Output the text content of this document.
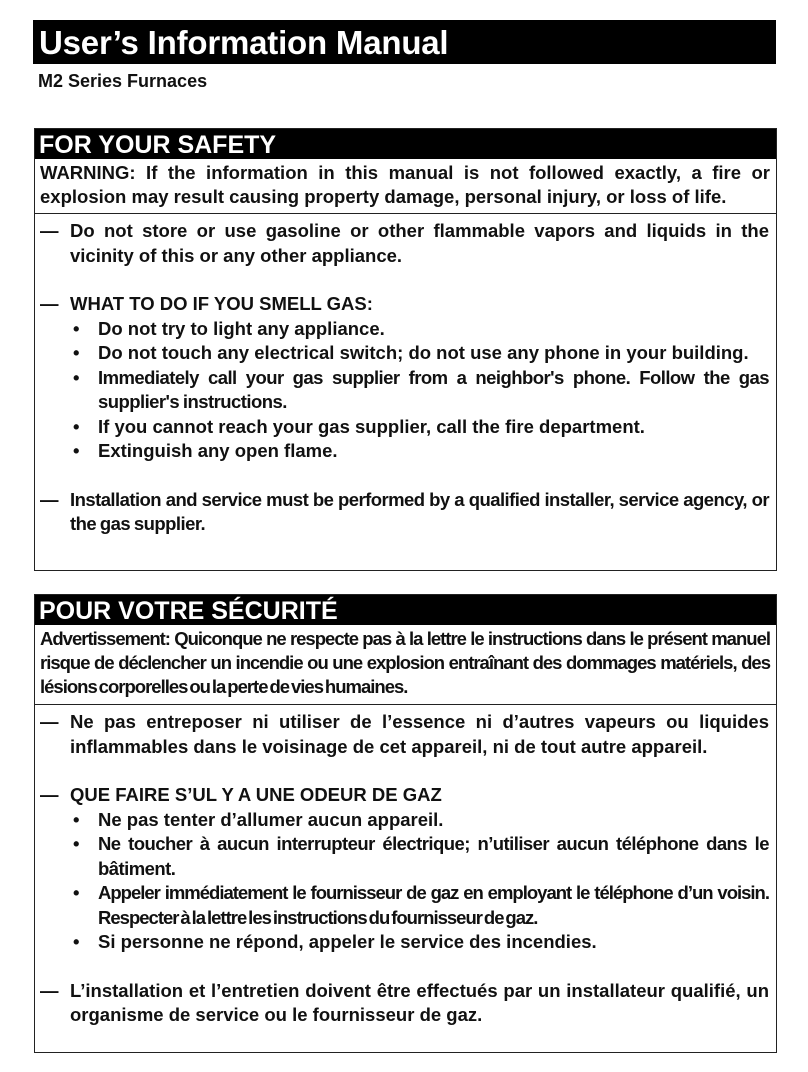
User’s Information Manual
M2 Series Furnaces
FOR YOUR SAFETY
WARNING: If the information in this manual is not followed exactly, a fire or explosion may result causing property damage, personal injury, or loss of life.
— Do not store or use gasoline or other flammable vapors and liquids in the vicinity of this or any other appliance.
— WHAT TO DO IF YOU SMELL GAS:
•	Do not try to light any appliance.
•	Do not touch any electrical switch; do not use any phone in your building.
•	Immediately call your gas supplier from a neighbor's phone. Follow the gas supplier's instructions.
•	If you cannot reach your gas supplier, call the fire department.
•	Extinguish any open flame.
— Installation and service must be performed by a qualified installer, service agency, or the gas supplier.
POUR VOTRE SÉCURITÉ
Advertissement: Quiconque ne respecte pas à la lettre le instructions dans le présent manuel risque de déclencher un incendie ou une explosion entraînant des dommages matériels, des lésions corporelles ou la perte de vies humaines.
— Ne pas entreposer ni utiliser de l’essence ni d’autres vapeurs ou liquides inflammables dans le voisinage de cet appareil, ni de tout autre appareil.
— QUE FAIRE S’UL Y A UNE ODEUR DE GAZ
•	Ne pas tenter d’allumer aucun appareil.
•	Ne toucher à aucun interrupteur électrique; n’utiliser aucun téléphone dans le bâtiment.
•	Appeler immédiatement le fournisseur de gaz en employant le téléphone d’un voisin. Respecter à la lettre les instructions du fournisseur de gaz.
•	Si personne ne répond, appeler le service des incendies.
— L’installation et l’entretien doivent être effectués par un installateur qualifié, un organisme de service ou le fournisseur de gaz.
